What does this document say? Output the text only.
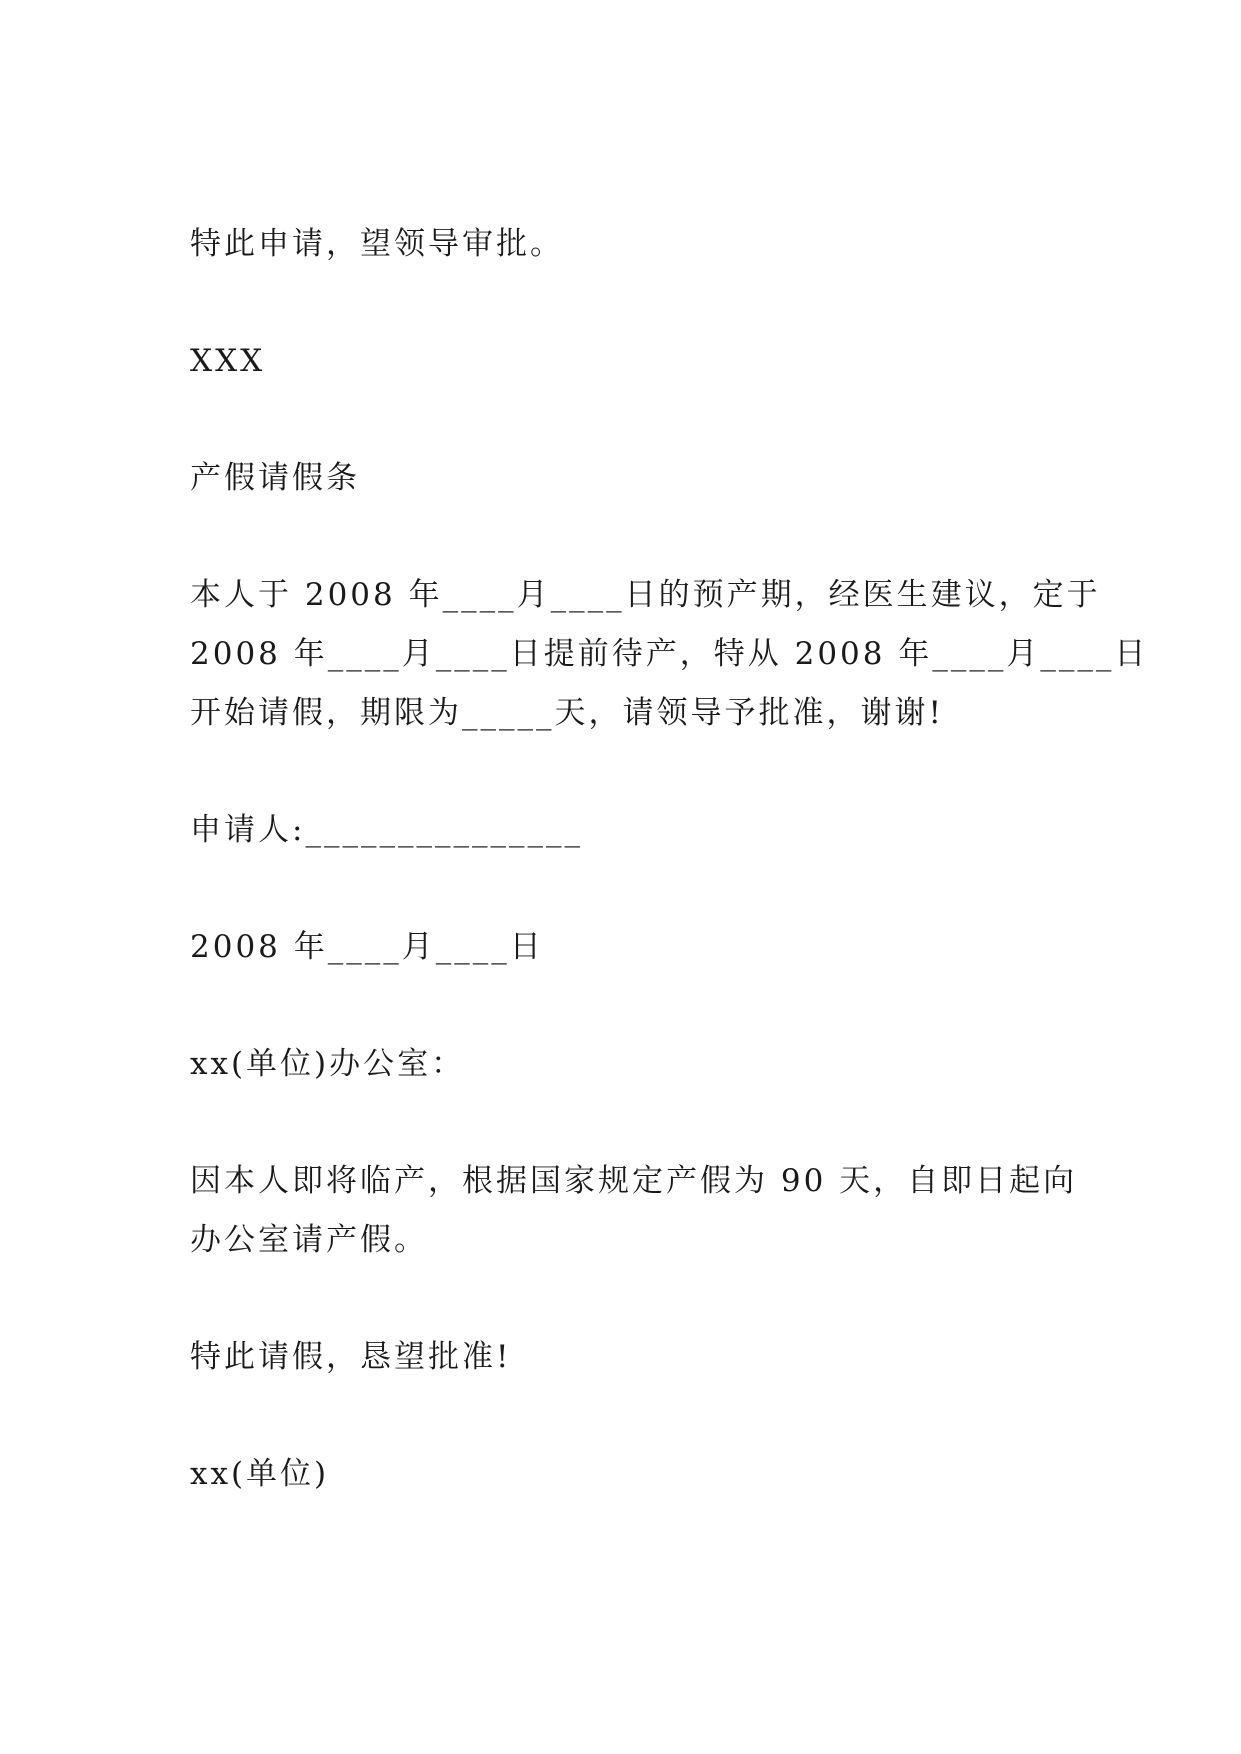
特此申请，望领导审批。

XXX

产假请假条

本人于 2008 年____月____日的预产期，经医生建议，定于

2008 年____月____日提前待产，特从 2008 年____月____日

开始请假，期限为_____天，请领导予批准，谢谢!

申请人:_______________

2008 年____月____日

xx(单位)办公室：

因本人即将临产，根据国家规定产假为 90 天，自即日起向

办公室请产假。

特此请假，恳望批准!

xx(单位)
